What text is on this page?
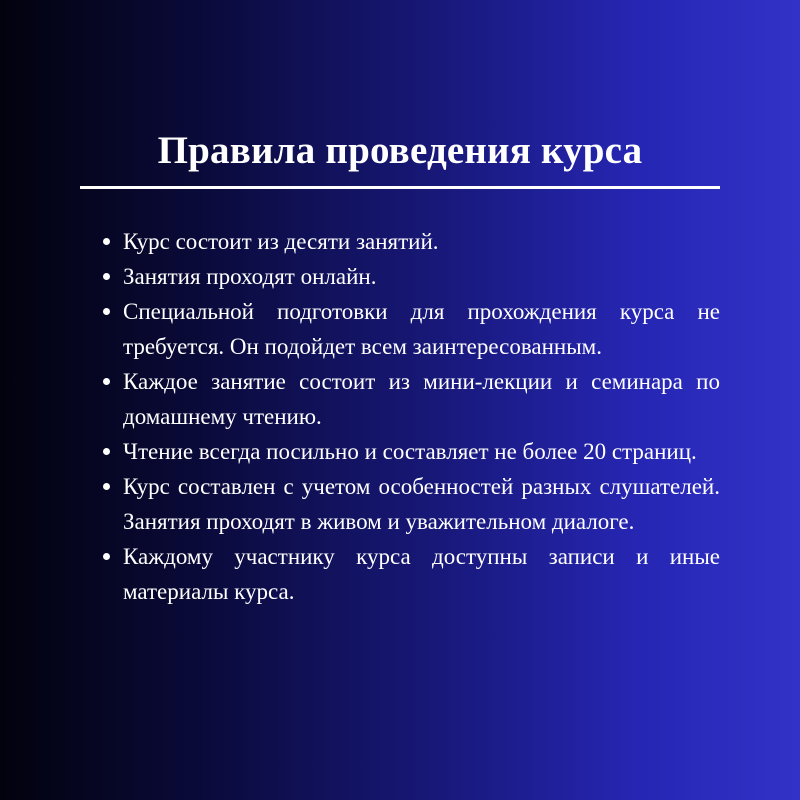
Правила проведения курса
Курс состоит из десяти занятий.
Занятия проходят онлайн.
Специальной подготовки для прохождения курса не требуется. Он подойдет всем заинтересованным.
Каждое занятие состоит из мини-лекции и семинара по домашнему чтению.
Чтение всегда посильно и составляет не более 20 страниц.
Курс составлен с учетом особенностей разных слушателей. Занятия проходят в живом и уважительном диалоге.
Каждому участнику курса доступны записи и иные материалы курса.
